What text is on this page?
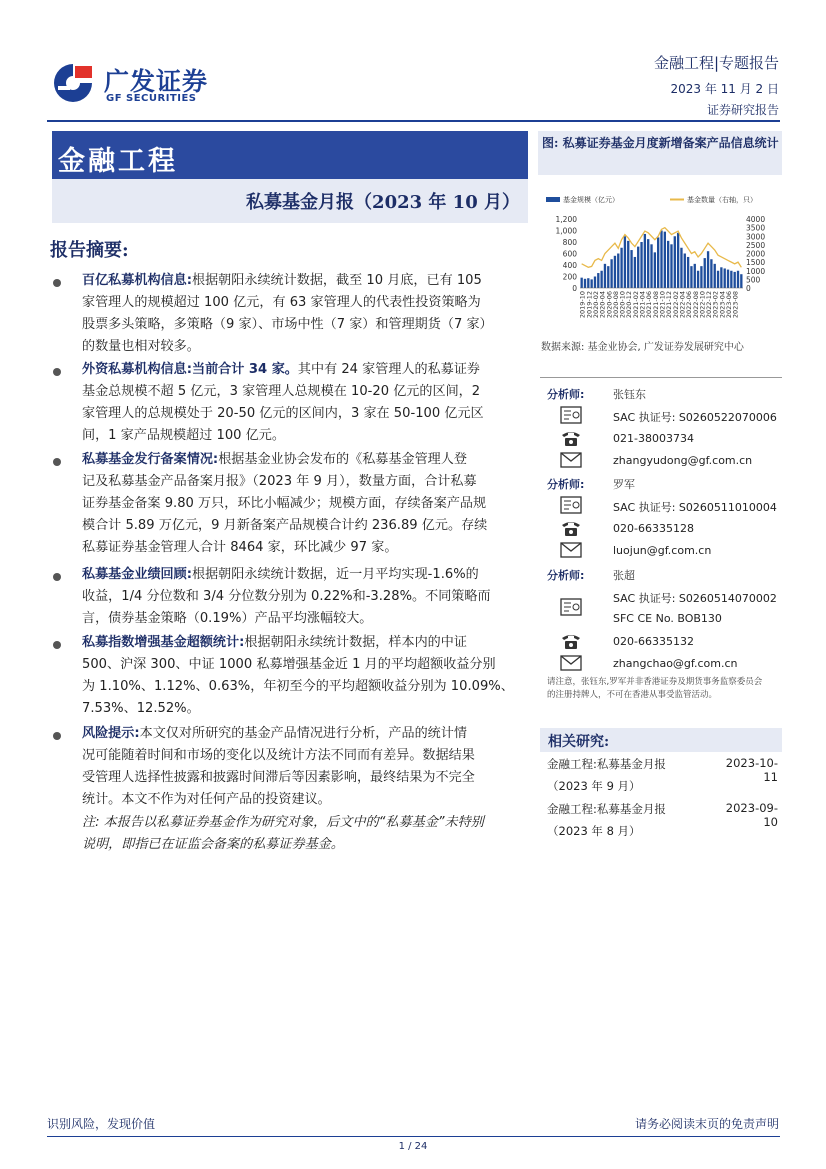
广发证券
GF SECURITIES
金融工程|专题报告
2023 年 11 月 2 日
证券研究报告
金融工程
私募基金月报（2023 年 10 月）
报告摘要:
百亿私募机构信息:根据朝阳永续统计数据，截至 10 月底，已有 105
家管理人的规模超过 100 亿元，有 63 家管理人的代表性投资策略为
股票多头策略，多策略（9 家）、市场中性（7 家）和管理期货（7 家）
的数量也相对较多。
外资私募机构信息:当前合计 34 家。其中有 24 家管理人的私募证券
基金总规模不超 5 亿元，3 家管理人总规模在 10-20 亿元的区间，2
家管理人的总规模处于 20-50 亿元的区间内，3 家在 50-100 亿元区
间，1 家产品规模超过 100 亿元。
私募基金发行备案情况:根据基金业协会发布的《私募基金管理人登
记及私募基金产品备案月报》（2023 年 9 月），数量方面，合计私募
证券基金备案 9.80 万只，环比小幅减少；规模方面，存续备案产品规
模合计 5.89 万亿元，9 月新备案产品规模合计约 236.89 亿元。存续
私募证券基金管理人合计 8464 家，环比减少 97 家。
私募基金业绩回顾:根据朝阳永续统计数据，近一月平均实现-1.6%的
收益，1/4 分位数和 3/4 分位数分别为 0.22%和-3.28%。不同策略而
言，债券基金策略（0.19%）产品平均涨幅较大。
私募指数增强基金超额统计:根据朝阳永续统计数据，样本内的中证
500、沪深 300、中证 1000 私募增强基金近 1 月的平均超额收益分别
为 1.10%、1.12%、0.63%，年初至今的平均超额收益分别为 10.09%、
7.53%、12.52%。
风险提示:本文仅对所研究的基金产品情况进行分析，产品的统计情
况可能随着时间和市场的变化以及统计方法不同而有差异。数据结果
受管理人选择性披露和披露时间滞后等因素影响，最终结果为不完全
统计。本文不作为对任何产品的投资建议。
注: 本报告以私募证券基金作为研究对象，后文中的“私募基金”未特别
说明，即指已在证监会备案的私募证券基金。
图: 私募证券基金月度新增备案产品信息统计
基金规模（亿元）	基金数量（右轴，只）
1,200
1,000
800
600
400
200
0
4000
3500
3000
2500
2000
1500
1000
500
0
2019-10
2019-12
2020-02
2020-04
2020-06
2020-08
2020-10
2020-12
2021-02
2021-04
2021-06
2021-08
2021-10
2021-12
2022-02
2022-04
2022-06
2022-08
2022-10
2022-12
2023-02
2023-04
2023-06
2023-08
数据来源: 基金业协会, 广发证券发展研究中心
分析师:	张钰东
SAC 执证号: S0260522070006
021-38003734
zhangyudong@gf.com.cn
分析师:	罗军
SAC 执证号: S0260511010004
020-66335128
luojun@gf.com.cn
分析师:	张超
SAC 执证号: S0260514070002
SFC CE No. BOB130
020-66335132
zhangchao@gf.com.cn
请注意，张钰东,罗军并非香港证券及期货事务监察委员会
的注册持牌人，不可在香港从事受监管活动。
相关研究:
金融工程:私募基金月报	2023-10-11
（2023 年 9 月）
金融工程:私募基金月报	2023-09-10
（2023 年 8 月）
识别风险，发现价值	请务必阅读末页的免责声明
1 / 24
